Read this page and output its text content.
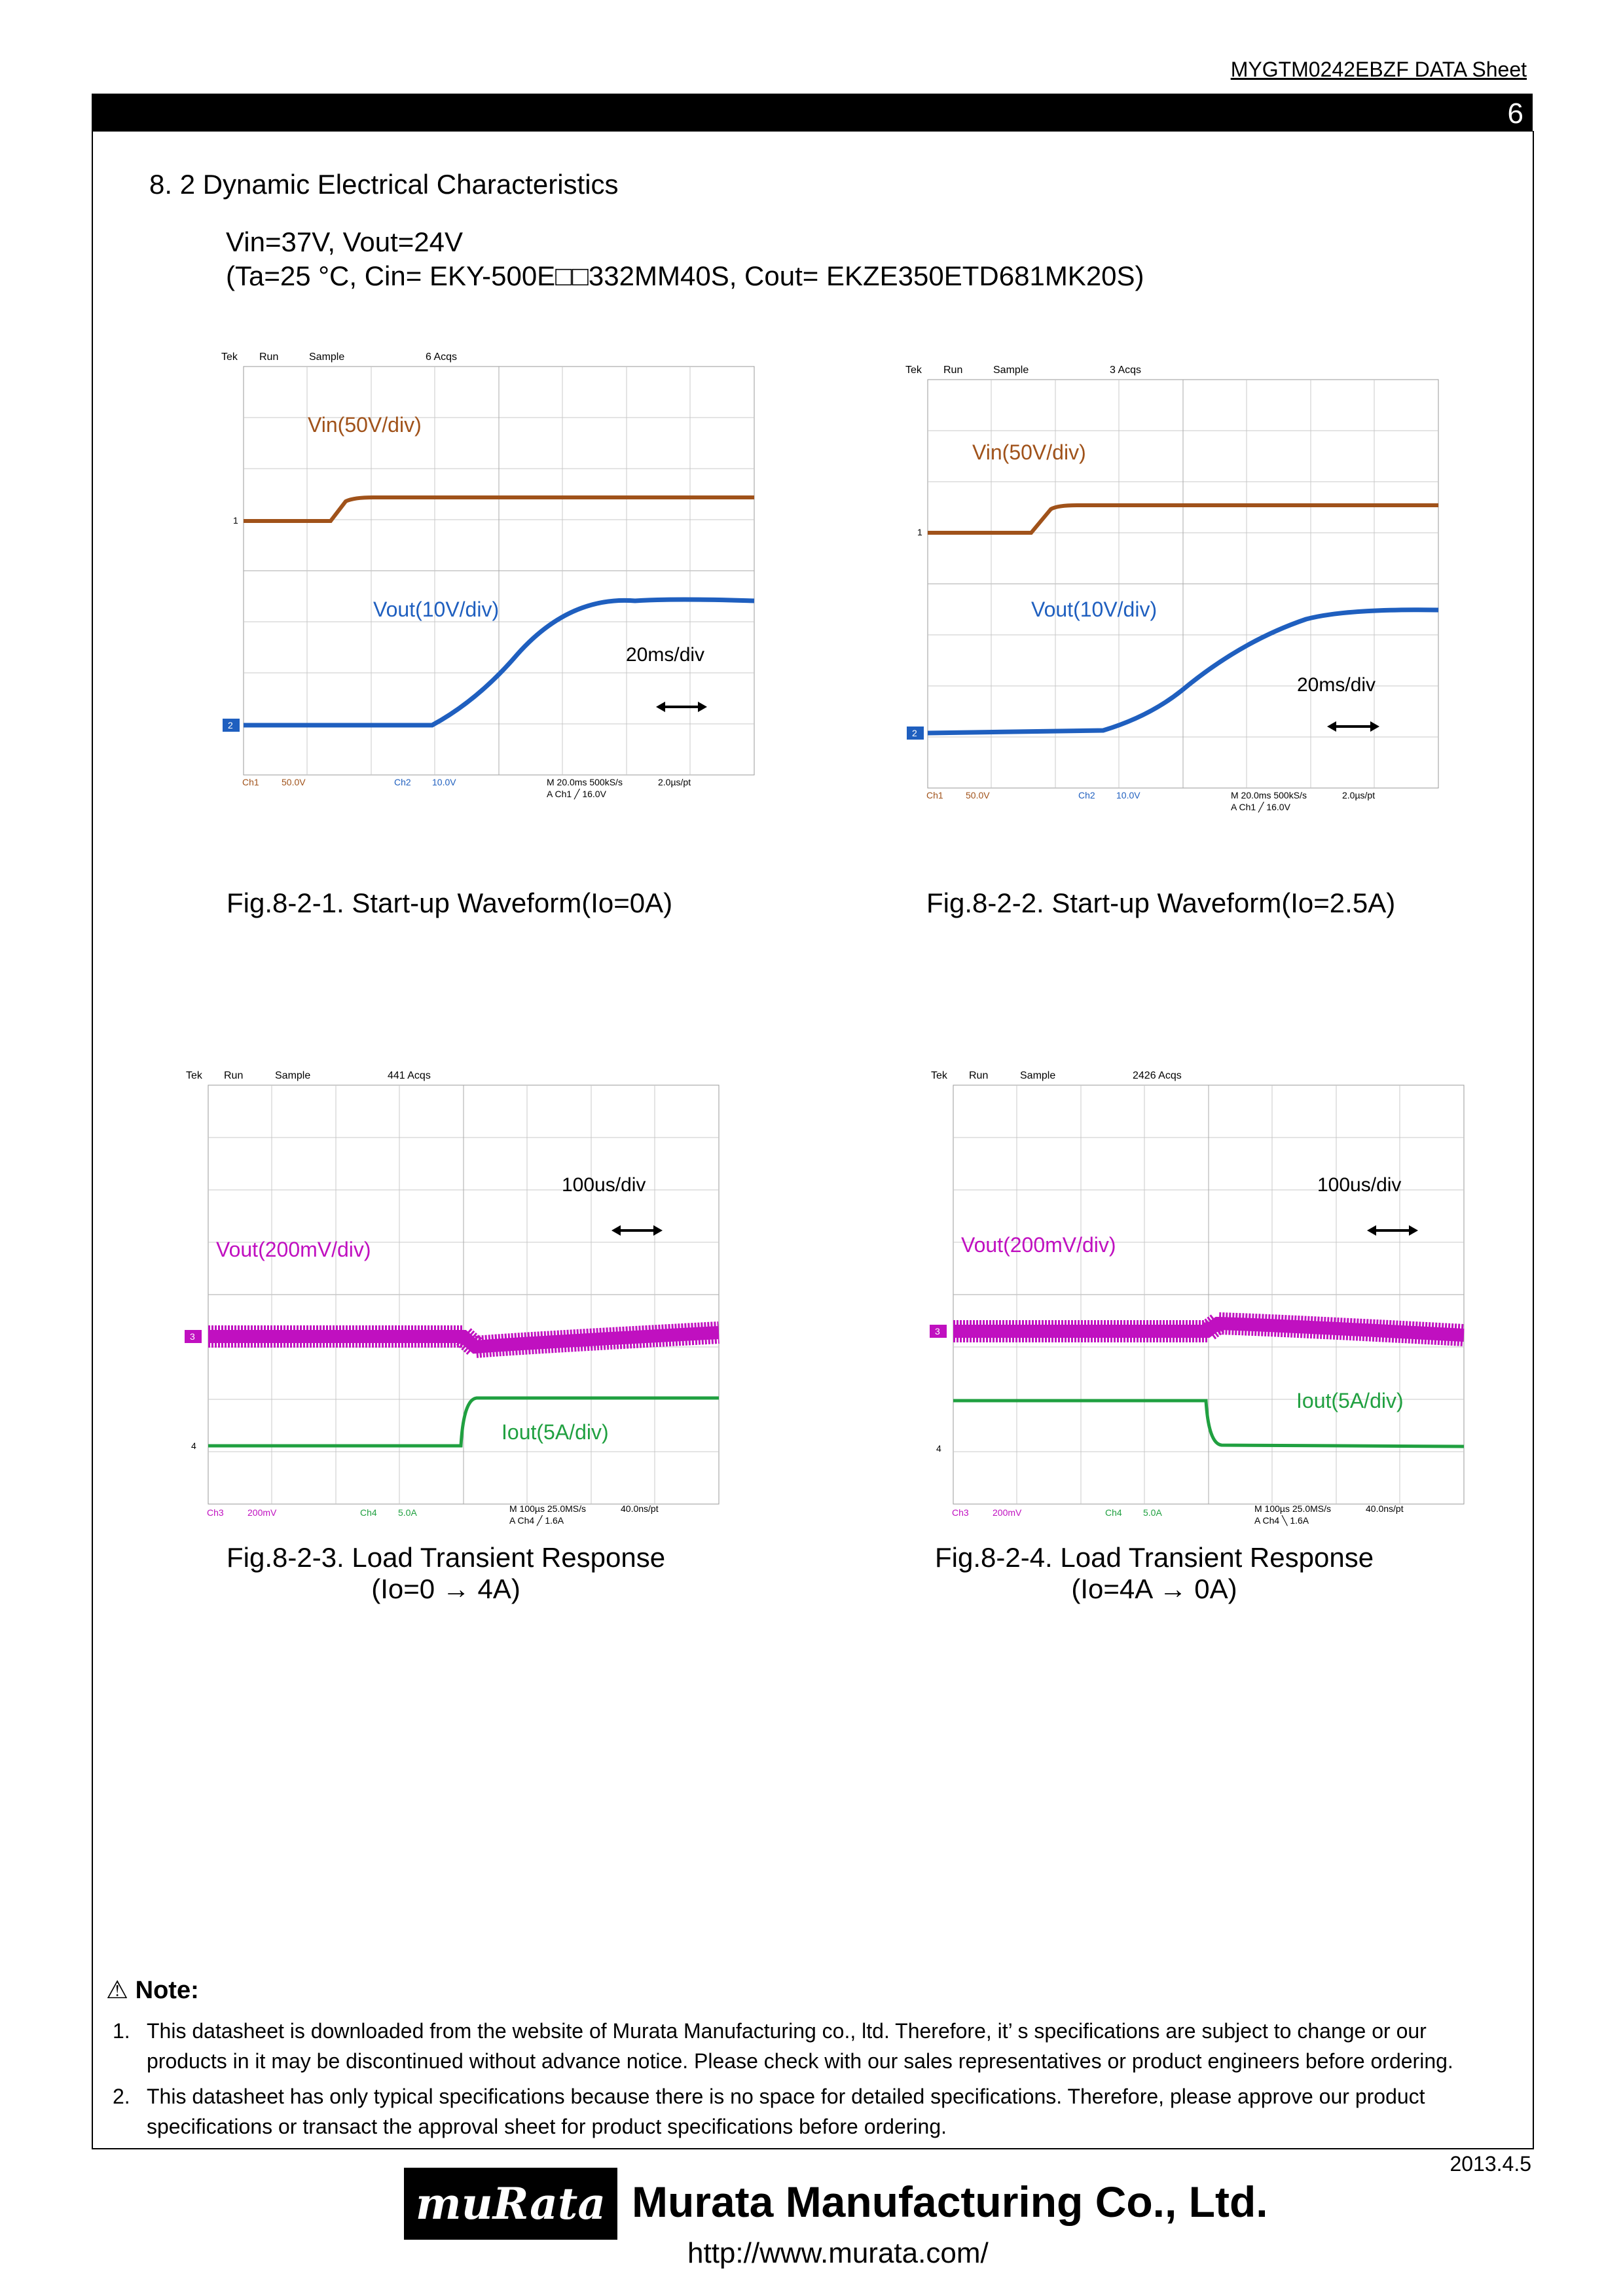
MYGTM0242EBZF DATA Sheet
6
8. 2 Dynamic Electrical Characteristics
Vin=37V, Vout=24V
(Ta=25 °C, Cin= EKY-500E□□332MM40S, Cout= EKZE350ETD681MK20S)
Tek Run	Sample	6 Acqs
1
2
Vin(50V/div)
Vout(10V/div)
20ms/div
Ch1 50.0V	Ch2 10.0V	M 20.0ms 500kS/s	2.0µs/pt
A Ch1 ╱ 16.0V
Fig.8-2-1. Start-up Waveform(Io=0A)
Tek Run	Sample	3 Acqs
1
2
Vin(50V/div)
Vout(10V/div)
20ms/div
Ch1 50.0V	Ch2 10.0V	M 20.0ms 500kS/s	2.0µs/pt
A Ch1 ╱ 16.0V
Fig.8-2-2. Start-up Waveform(Io=2.5A)
Tek Run	Sample	441 Acqs
3
4
Vout(200mV/div)
Iout(5A/div)
100us/div
Ch3	200mV	Ch4 5.0A	M 100µs 25.0MS/s	40.0ns/pt
A Ch4 ╱ 1.6A
Fig.8-2-3. Load Transient Response
(Io=0 → 4A)
Tek Run	Sample	2426 Acqs
3
4
Vout(200mV/div)
Iout(5A/div)
100us/div
Ch3	200mV	Ch4 5.0A	M 100µs 25.0MS/s	40.0ns/pt
A Ch4 ╲ 1.6A
Fig.8-2-4. Load Transient Response
(Io=4A → 0A)
⚠ Note:
1. This datasheet is downloaded from the website of Murata Manufacturing co., ltd. Therefore, it’ s specifications are subject to change or our products in it may be discontinued without advance notice. Please check with our sales representatives or product engineers before ordering.
2. This datasheet has only typical specifications because there is no space for detailed specifications. Therefore, please approve our product specifications or transact the approval sheet for product specifications before ordering.
2013.4.5
muRata Murata Manufacturing Co., Ltd.
http://www.murata.com/
